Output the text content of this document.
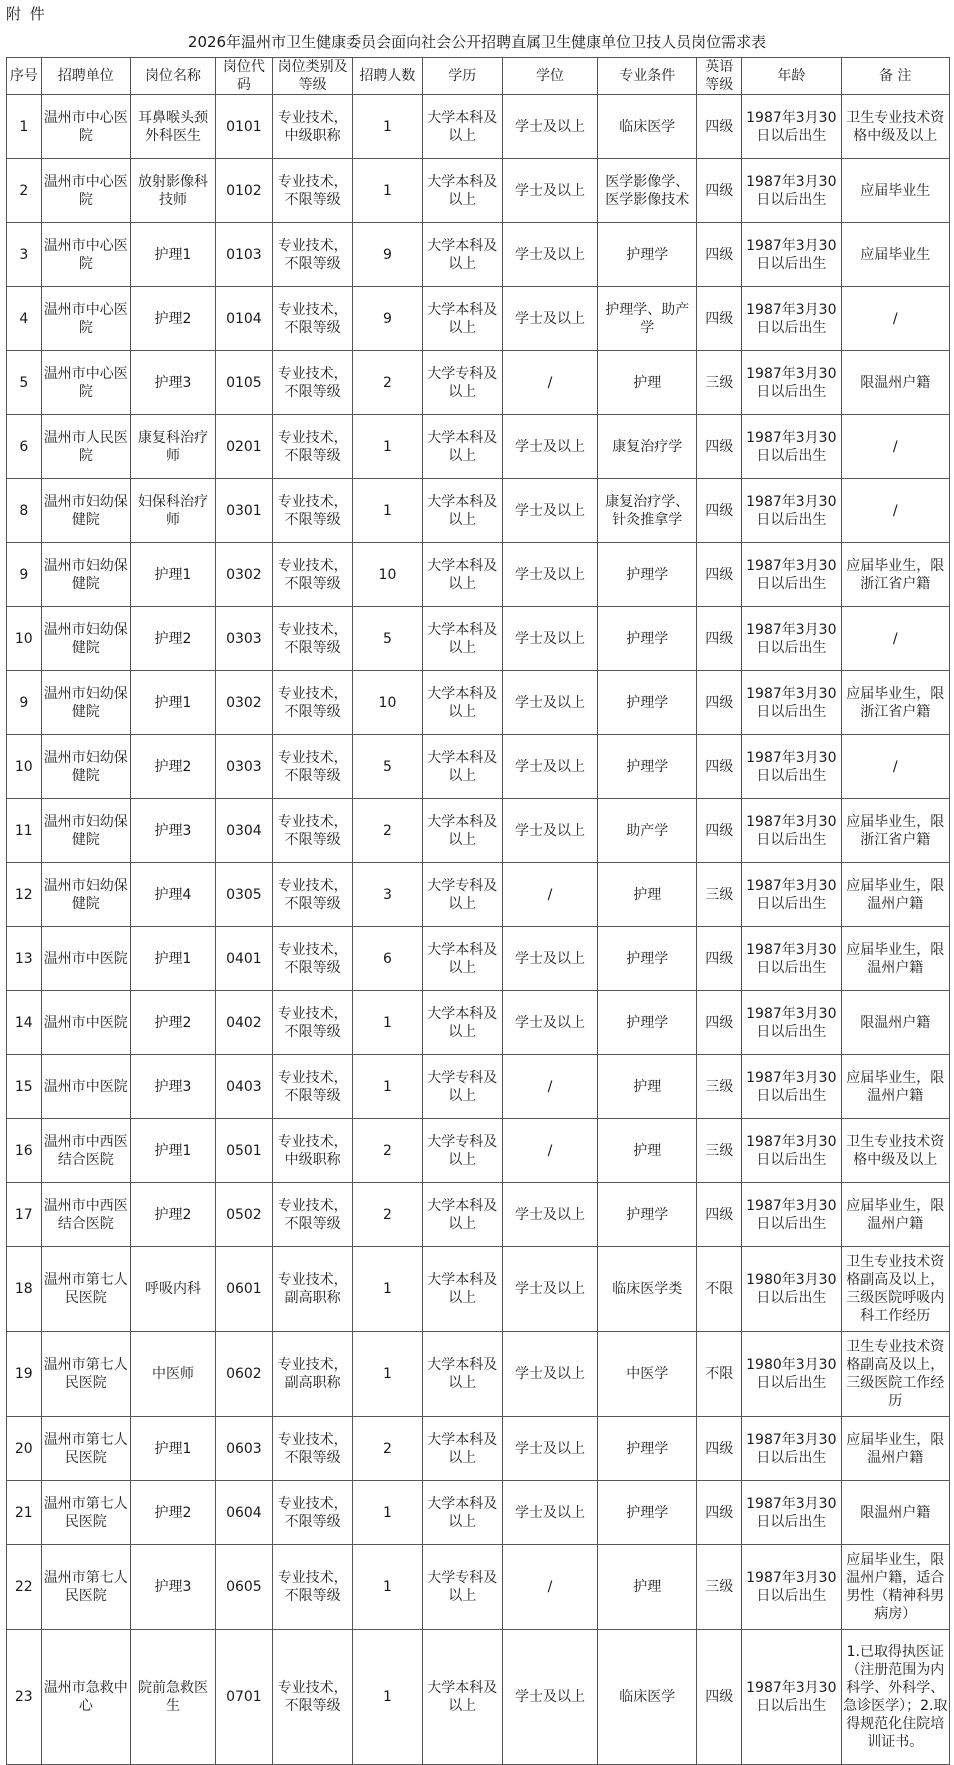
附 件
2026年温州市卫生健康委员会面向社会公开招聘直属卫生健康单位卫技人员岗位需求表
序号	招聘单位	岗位名称	岗位代码	岗位类别及等级	招聘人数	学历	学位	专业条件	英语等级	年龄	备 注
1	温州市中心医院	耳鼻喉头颈外科医生	0101	专业技术，中级职称	1	大学本科及以上	学士及以上	临床医学	四级	1987年3月30日以后出生	卫生专业技术资格中级及以上
2	温州市中心医院	放射影像科技师	0102	专业技术，不限等级	1	大学本科及以上	学士及以上	医学影像学、医学影像技术	四级	1987年3月30日以后出生	应届毕业生
3	温州市中心医院	护理1	0103	专业技术，不限等级	9	大学本科及以上	学士及以上	护理学	四级	1987年3月30日以后出生	应届毕业生
4	温州市中心医院	护理2	0104	专业技术，不限等级	9	大学本科及以上	学士及以上	护理学、助产学	四级	1987年3月30日以后出生	/
5	温州市中心医院	护理3	0105	专业技术，不限等级	2	大学专科及以上	/	护理	三级	1987年3月30日以后出生	限温州户籍
6	温州市人民医院	康复科治疗师	0201	专业技术，不限等级	1	大学本科及以上	学士及以上	康复治疗学	四级	1987年3月30日以后出生	/
8	温州市妇幼保健院	妇保科治疗师	0301	专业技术，不限等级	1	大学本科及以上	学士及以上	康复治疗学、针灸推拿学	四级	1987年3月30日以后出生	/
9	温州市妇幼保健院	护理1	0302	专业技术，不限等级	10	大学本科及以上	学士及以上	护理学	四级	1987年3月30日以后出生	应届毕业生，限浙江省户籍
10	温州市妇幼保健院	护理2	0303	专业技术，不限等级	5	大学本科及以上	学士及以上	护理学	四级	1987年3月30日以后出生	/
9	温州市妇幼保健院	护理1	0302	专业技术，不限等级	10	大学本科及以上	学士及以上	护理学	四级	1987年3月30日以后出生	应届毕业生，限浙江省户籍
10	温州市妇幼保健院	护理2	0303	专业技术，不限等级	5	大学本科及以上	学士及以上	护理学	四级	1987年3月30日以后出生	/
11	温州市妇幼保健院	护理3	0304	专业技术，不限等级	2	大学本科及以上	学士及以上	助产学	四级	1987年3月30日以后出生	应届毕业生，限浙江省户籍
12	温州市妇幼保健院	护理4	0305	专业技术，不限等级	3	大学专科及以上	/	护理	三级	1987年3月30日以后出生	应届毕业生，限温州户籍
13	温州市中医院	护理1	0401	专业技术，不限等级	6	大学本科及以上	学士及以上	护理学	四级	1987年3月30日以后出生	应届毕业生，限温州户籍
14	温州市中医院	护理2	0402	专业技术，不限等级	1	大学本科及以上	学士及以上	护理学	四级	1987年3月30日以后出生	限温州户籍
15	温州市中医院	护理3	0403	专业技术，不限等级	1	大学专科及以上	/	护理	三级	1987年3月30日以后出生	应届毕业生，限温州户籍
16	温州市中西医结合医院	护理1	0501	专业技术，中级职称	2	大学专科及以上	/	护理	三级	1987年3月30日以后出生	卫生专业技术资格中级及以上
17	温州市中西医结合医院	护理2	0502	专业技术，不限等级	2	大学本科及以上	学士及以上	护理学	四级	1987年3月30日以后出生	应届毕业生，限温州户籍
18	温州市第七人民医院	呼吸内科	0601	专业技术，副高职称	1	大学本科及以上	学士及以上	临床医学类	不限	1980年3月30日以后出生	卫生专业技术资格副高及以上，三级医院呼吸内科工作经历
19	温州市第七人民医院	中医师	0602	专业技术，副高职称	1	大学本科及以上	学士及以上	中医学	不限	1980年3月30日以后出生	卫生专业技术资格副高及以上，三级医院工作经历
20	温州市第七人民医院	护理1	0603	专业技术，不限等级	2	大学本科及以上	学士及以上	护理学	四级	1987年3月30日以后出生	应届毕业生，限温州户籍
21	温州市第七人民医院	护理2	0604	专业技术，不限等级	1	大学本科及以上	学士及以上	护理学	四级	1987年3月30日以后出生	限温州户籍
22	温州市第七人民医院	护理3	0605	专业技术，不限等级	1	大学专科及以上	/	护理	三级	1987年3月30日以后出生	应届毕业生，限温州户籍，适合男性（精神科男病房）
23	温州市急救中心	院前急救医生	0701	专业技术，不限等级	1	大学本科及以上	学士及以上	临床医学	四级	1987年3月30日以后出生	1.已取得执医证（注册范围为内科学、外科学、急诊医学）；2.取得规范化住院培训证书。
